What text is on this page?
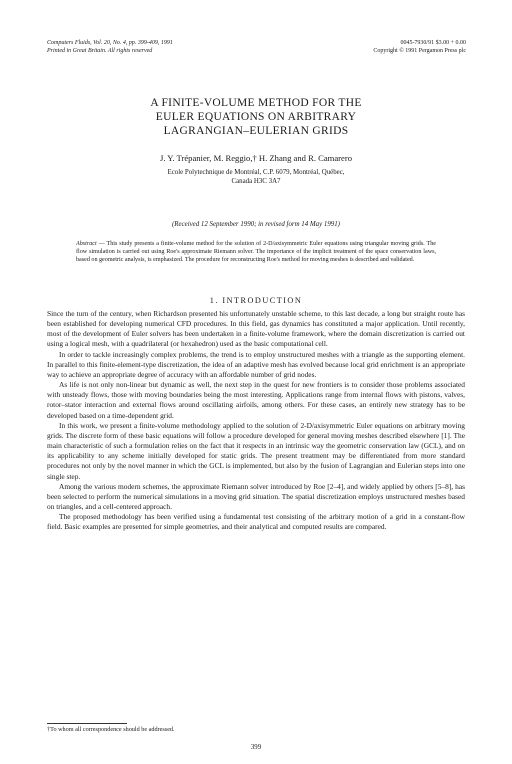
Computers Fluids, Vol. 20, No. 4, pp. 399-409, 1991
Printed in Great Britain. All rights reserved
0045-7930/91 $3.00 + 0.00
Copyright © 1991 Pergamon Press plc
A FINITE-VOLUME METHOD FOR THE
EULER EQUATIONS ON ARBITRARY
LAGRANGIAN–EULERIAN GRIDS
J. Y. Trépanier, M. Reggio,† H. Zhang and R. Camarero
Ecole Polytechnique de Montréal, C.P. 6079, Montréal, Québec,
Canada H3C 3A7
(Received 12 September 1990; in revised form 14 May 1991)
Abstract — This study presents a finite-volume method for the solution of 2-D/axisymmetric Euler equations using triangular moving grids. The flow simulation is carried out using Roe's approximate Riemann solver. The importance of the implicit treatment of the space conservation laws, based on geometric analysis, is emphasized. The procedure for reconstructing Roe's method for moving meshes is described and validated.
1. INTRODUCTION

Since the turn of the century, when Richardson presented his unfortunately unstable scheme, to this last decade, a long but straight route has been established for developing numerical CFD procedures. In this field, gas dynamics has constituted a major application. Until recently, most of the development of Euler solvers has been undertaken in a finite-volume framework, where the domain discretization is carried out using a logical mesh, with a quadrilateral (or hexahedron) used as the basic computational cell.

In order to tackle increasingly complex problems, the trend is to employ unstructured meshes with a triangle as the supporting element. In parallel to this finite-element-type discretization, the idea of an adaptive mesh has evolved because local grid enrichment is an appropriate way to achieve an appropriate degree of accuracy with an affordable number of grid nodes.

As life is not only non-linear but dynamic as well, the next step in the quest for new frontiers is to consider those problems associated with unsteady flows, those with moving boundaries being the most interesting. Applications range from internal flows with pistons, valves, rotor–stator interaction and external flows around oscillating airfoils, among others. For these cases, an entirely new strategy has to be developed based on a time-dependent grid.

In this work, we present a finite-volume methodology applied to the solution of 2-D/axisymmetric Euler equations on arbitrary moving grids. The discrete form of these basic equations will follow a procedure developed for general moving meshes described elsewhere [1]. The main characteristic of such a formulation relies on the fact that it respects in an intrinsic way the geometric conservation law (GCL), and on its applicability to any scheme initially developed for static grids. The present treatment may be differentiated from more standard procedures not only by the novel manner in which the GCL is implemented, but also by the fusion of Lagrangian and Eulerian steps into one single step.

Among the various modern schemes, the approximate Riemann solver introduced by Roe [2–4], and widely applied by others [5–8], has been selected to perform the numerical simulations in a moving grid situation. The spatial discretization employs unstructured meshes based on triangles, and a cell-centered approach.

The proposed methodology has been verified using a fundamental test consisting of the arbitrary motion of a grid in a constant-flow field. Basic examples are presented for simple geometries, and their analytical and computed results are compared.

†To whom all correspondence should be addressed.
399
